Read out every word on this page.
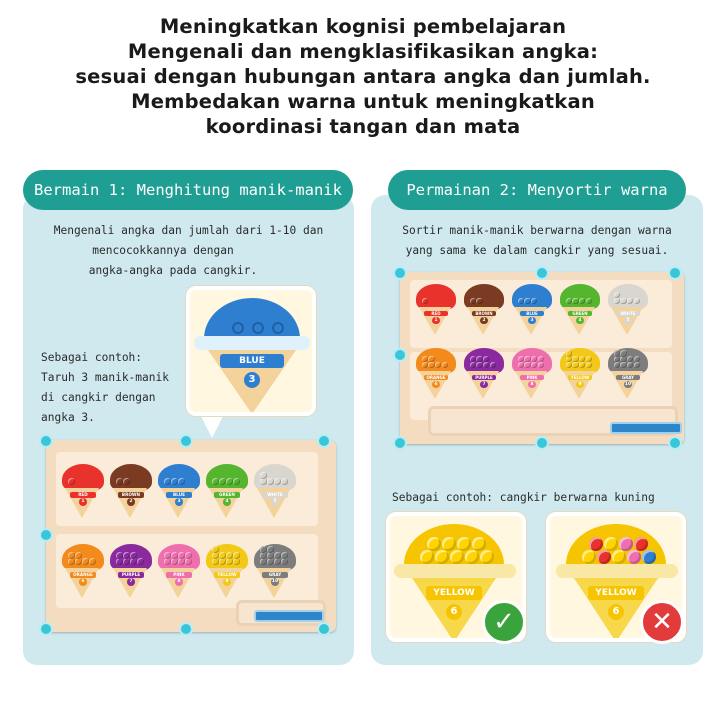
Meningkatkan kognisi pembelajaran
Mengenali dan mengklasifikasikan angka:
sesuai dengan hubungan antara angka dan jumlah.
Membedakan warna untuk meningkatkan
koordinasi tangan dan mata
Bermain 1: Menghitung manik-manik
Mengenali angka dan jumlah dari 1-10 dan
mencocokkannya dengan
angka-angka pada cangkir.
Sebagai contoh:
Taruh 3 manik-manik
di cangkir dengan
angka 3.
BLUE
3
RED
1
BROWN
2
BLUE
3
GREEN
4
WHITE
5
ORANGE
6
PURPLE
7
PINK
8
YELLOW
9
GRAY
10
Permainan 2: Menyortir warna
Sortir manik-manik berwarna dengan warna
yang sama ke dalam cangkir yang sesuai.
RED
1
BROWN
2
BLUE
3
GREEN
4
WHITE
5
ORANGE
6
PURPLE
7
PINK
8
YELLOW
9
GRAY
10
Sebagai contoh: cangkir berwarna kuning
YELLOW
6	✓
YELLOW
6	✕
